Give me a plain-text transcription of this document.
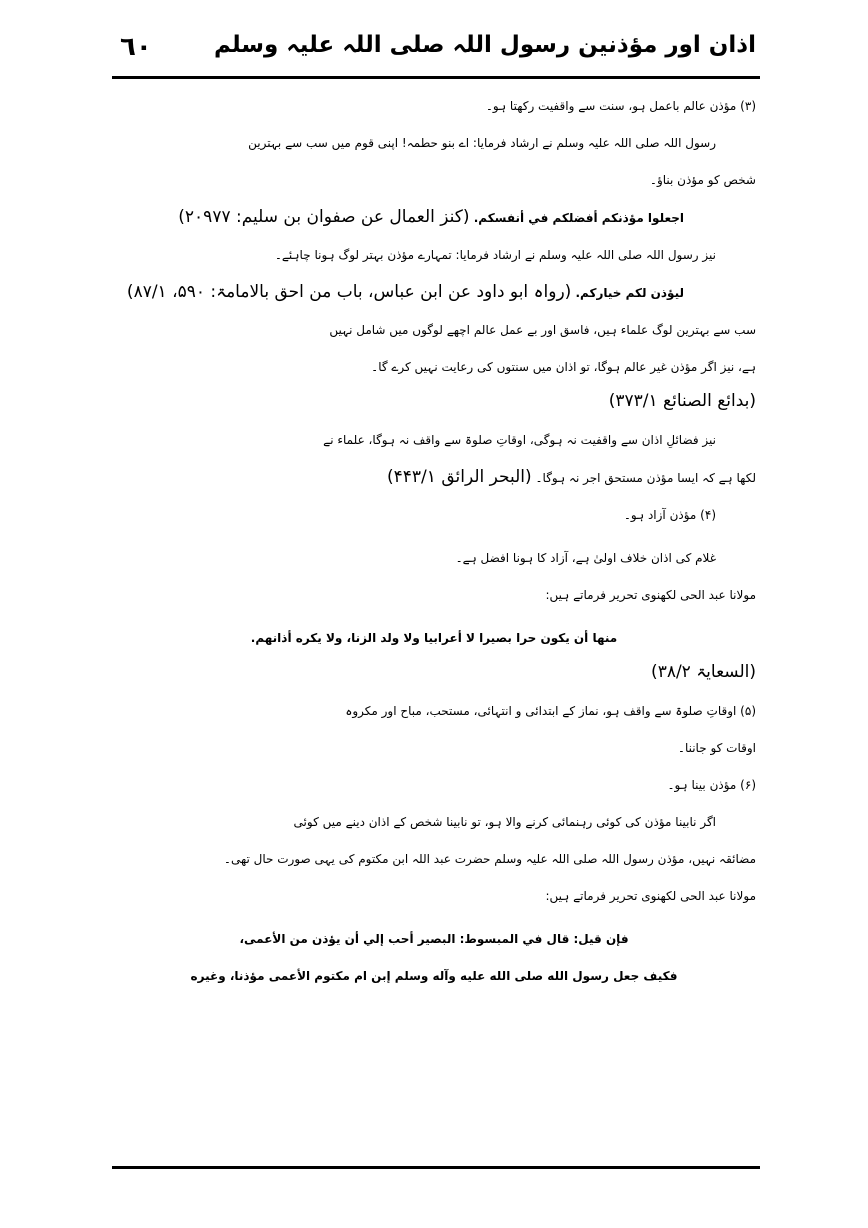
٦٠	اذان اور مؤذنین رسول اللہ صلی اللہ علیہ وسلم
(۳) مؤذن عالم باعمل ہو، سنت سے واقفیت رکھتا ہو۔
رسول اللہ صلی اللہ علیہ وسلم نے ارشاد فرمایا: اے بنو حطمہ! اپنی قوم میں سب سے بہترین
شخص کو مؤذن بناؤ۔
اجعلوا مؤذنكم أفضلكم في أنفسكم. (کنز العمال عن صفوان بن سلیم: ۲۰۹۷۷)
نیز رسول اللہ صلی اللہ علیہ وسلم نے ارشاد فرمایا: تمہارے مؤذن بہتر لوگ ہونا چاہئے۔
ليؤذن لكم خياركم. (رواہ ابو داود عن ابن عباس، باب من احق بالامامۃ: ۵۹۰، ۸۷/۱)
سب سے بہترین لوگ علماء ہیں، فاسق اور بے عمل عالم اچھے لوگوں میں شامل نہیں
ہے، نیز اگر مؤذن غیر عالم ہوگا، تو اذان میں سنتوں کی رعایت نہیں کرے گا۔
(بدائع الصنائع ۳۷۳/۱)
نیز فضائلِ اذان سے واقفیت نہ ہوگی، اوقاتِ صلوۃ سے واقف نہ ہوگا، علماء نے
لکھا ہے کہ ایسا مؤذن مستحق اجر نہ ہوگا۔ (البحر الرائق ۴۴۳/۱)
(۴) مؤذن آزاد ہو۔
غلام کی اذان خلاف اولیٰ ہے، آزاد کا ہونا افضل ہے۔
مولانا عبد الحی لکھنوی تحریر فرماتے ہیں:
منها أن يكون حرا بصيرا لا أعرابيا ولا ولد الزنا، ولا يكره أذانهم.
(السعایۃ ۳۸/۲)
(۵) اوقاتِ صلوۃ سے واقف ہو، نماز کے ابتدائی و انتہائی، مستحب، مباح اور مکروہ
اوقات کو جاننا۔
(۶) مؤذن بینا ہو۔
اگر نابینا مؤذن کی کوئی رہنمائی کرنے والا ہو، تو نابینا شخص کے اذان دینے میں کوئی
مضائقہ نہیں، مؤذن رسول اللہ صلی اللہ علیہ وسلم حضرت عبد اللہ ابن مکتوم کی یہی صورت حال تھی۔
مولانا عبد الحی لکھنوی تحریر فرماتے ہیں:
فإن قيل: قال في المبسوط: البصير أحب إلي أن يؤذن من الأعمى،
فكيف جعل رسول الله صلى الله عليه وآله وسلم إبن ام مكتوم الأعمى مؤذنا، وغيره
